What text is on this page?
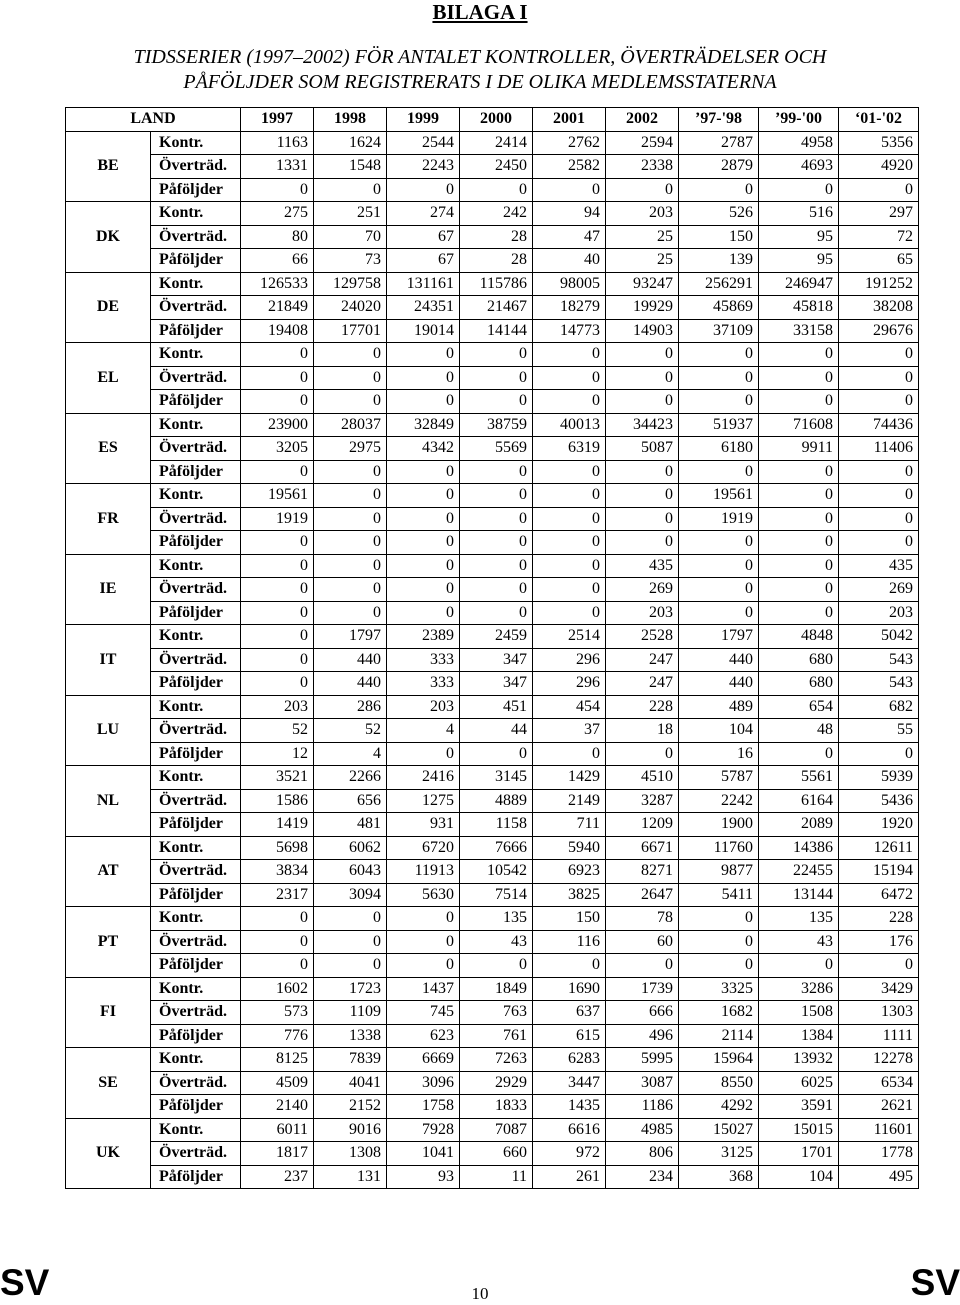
BILAGA I
TIDSSERIER (1997–2002) FÖR ANTALET KONTROLLER, ÖVERTRÄDELSER OCH
PÅFÖLJDER SOM REGISTRERATS I DE OLIKA MEDLEMSSTATERNA
LAND		1997	1998	1999	2000	2001	2002	’97-'98	’99-'00	‘01-'02
BE	Kontr.	1163	1624	2544	2414	2762	2594	2787	4958	5356
	Överträd.	1331	1548	2243	2450	2582	2338	2879	4693	4920
	Påföljder	0	0	0	0	0	0	0	0	0
DK	Kontr.	275	251	274	242	94	203	526	516	297
	Överträd.	80	70	67	28	47	25	150	95	72
	Påföljder	66	73	67	28	40	25	139	95	65
DE	Kontr.	126533	129758	131161	115786	98005	93247	256291	246947	191252
	Överträd.	21849	24020	24351	21467	18279	19929	45869	45818	38208
	Påföljder	19408	17701	19014	14144	14773	14903	37109	33158	29676
EL	Kontr.	0	0	0	0	0	0	0	0	0
	Överträd.	0	0	0	0	0	0	0	0	0
	Påföljder	0	0	0	0	0	0	0	0	0
ES	Kontr.	23900	28037	32849	38759	40013	34423	51937	71608	74436
	Överträd.	3205	2975	4342	5569	6319	5087	6180	9911	11406
	Påföljder	0	0	0	0	0	0	0	0	0
FR	Kontr.	19561	0	0	0	0	0	19561	0	0
	Överträd.	1919	0	0	0	0	0	1919	0	0
	Påföljder	0	0	0	0	0	0	0	0	0
IE	Kontr.	0	0	0	0	0	435	0	0	435
	Överträd.	0	0	0	0	0	269	0	0	269
	Påföljder	0	0	0	0	0	203	0	0	203
IT	Kontr.	0	1797	2389	2459	2514	2528	1797	4848	5042
	Överträd.	0	440	333	347	296	247	440	680	543
	Påföljder	0	440	333	347	296	247	440	680	543
LU	Kontr.	203	286	203	451	454	228	489	654	682
	Överträd.	52	52	4	44	37	18	104	48	55
	Påföljder	12	4	0	0	0	0	16	0	0
NL	Kontr.	3521	2266	2416	3145	1429	4510	5787	5561	5939
	Överträd.	1586	656	1275	4889	2149	3287	2242	6164	5436
	Påföljder	1419	481	931	1158	711	1209	1900	2089	1920
AT	Kontr.	5698	6062	6720	7666	5940	6671	11760	14386	12611
	Överträd.	3834	6043	11913	10542	6923	8271	9877	22455	15194
	Påföljder	2317	3094	5630	7514	3825	2647	5411	13144	6472
PT	Kontr.	0	0	0	135	150	78	0	135	228
	Överträd.	0	0	0	43	116	60	0	43	176
	Påföljder	0	0	0	0	0	0	0	0	0
FI	Kontr.	1602	1723	1437	1849	1690	1739	3325	3286	3429
	Överträd.	573	1109	745	763	637	666	1682	1508	1303
	Påföljder	776	1338	623	761	615	496	2114	1384	1111
SE	Kontr.	8125	7839	6669	7263	6283	5995	15964	13932	12278
	Överträd.	4509	4041	3096	2929	3447	3087	8550	6025	6534
	Påföljder	2140	2152	1758	1833	1435	1186	4292	3591	2621
UK	Kontr.	6011	9016	7928	7087	6616	4985	15027	15015	11601
	Överträd.	1817	1308	1041	660	972	806	3125	1701	1778
	Påföljder	237	131	93	11	261	234	368	104	495
SV	10	SV
